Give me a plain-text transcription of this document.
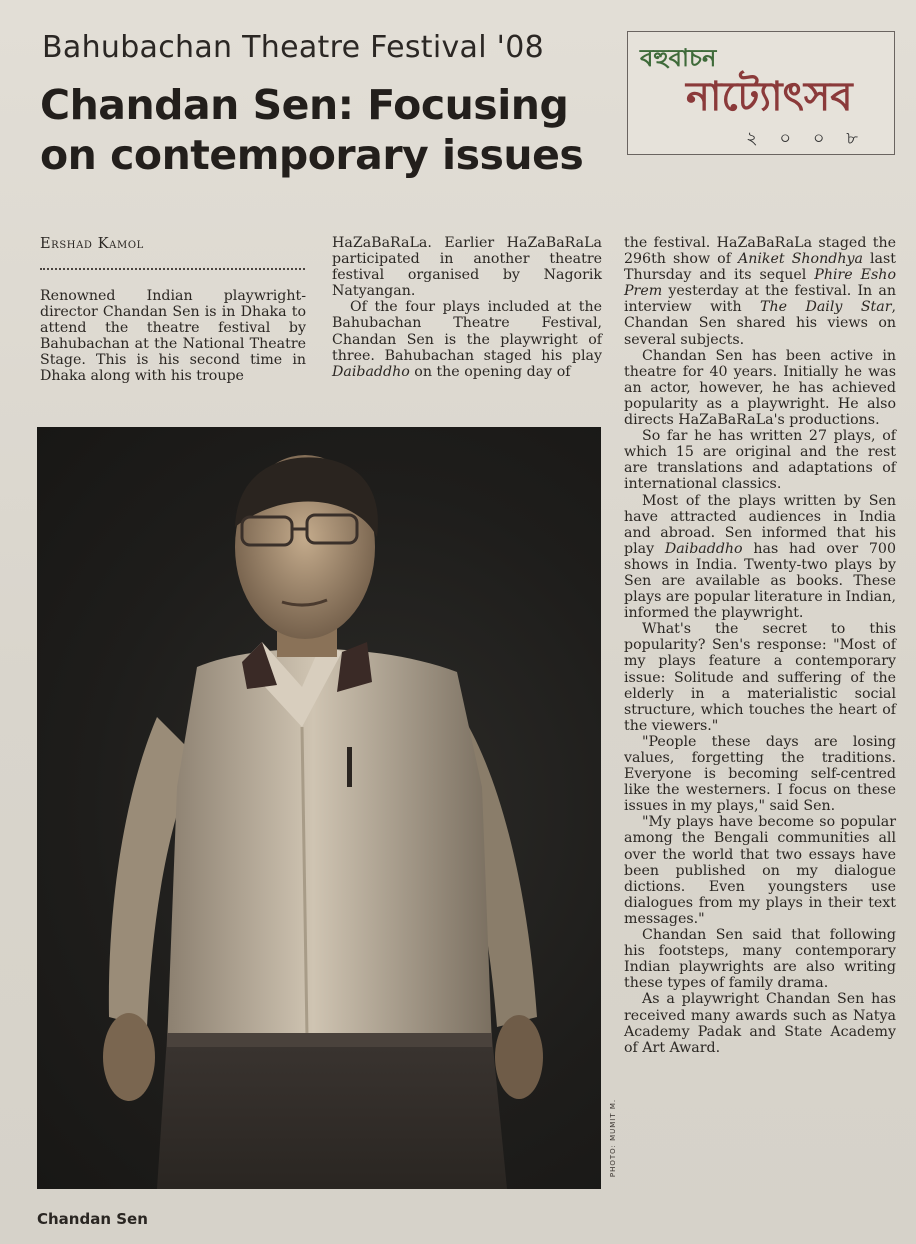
Bahubachan Theatre Festival '08
Chandan Sen: Focusing
on contemporary issues
বহুবাচন
নাট্যোৎসব
২ ০ ০ ৮
Ershad Kamol

Renowned Indian playwright-director Chandan Sen is in Dhaka to attend the theatre festival by Bahubachan at the National Theatre Stage. This is his second time in Dhaka along with his troupe

HaZaBaRaLa. Earlier HaZaBaRaLa participated in another theatre festival organised by Nagorik Natyangan.

Of the four plays included at the Bahubachan Theatre Festival, Chandan Sen is the playwright of three. Bahubachan staged his play Daibaddho on the opening day of

the festival. HaZaBaRaLa staged the 296th show of Aniket Shondhya last Thursday and its sequel Phire Esho Prem yesterday at the festival. In an interview with The Daily Star, Chandan Sen shared his views on several subjects.

Chandan Sen has been active in theatre for 40 years. Initially he was an actor, however, he has achieved popularity as a playwright. He also directs HaZaBaRaLa's productions.

So far he has written 27 plays, of which 15 are original and the rest are translations and adaptations of international classics.

Most of the plays written by Sen have attracted audiences in India and abroad. Sen informed that his play Daibaddho has had over 700 shows in India. Twenty-two plays by Sen are available as books. These plays are popular literature in Indian, informed the playwright.

What's the secret to this popularity? Sen's response: "Most of my plays feature a contemporary issue: Solitude and suffering of the elderly in a materialistic social structure, which touches the heart of the viewers."

"People these days are losing values, forgetting the traditions. Everyone is becoming self-centred like the westerners. I focus on these issues in my plays," said Sen.

"My plays have become so popular among the Bengali communities all over the world that two essays have been published on my dialogue dictions. Even youngsters use dialogues from my plays in their text messages."

Chandan Sen said that following his footsteps, many contemporary Indian playwrights are also writing these types of family drama.

As a playwright Chandan Sen has received many awards such as Natya Academy Padak and State Academy of Art Award.

PHOTO: MUMIT M.
Chandan Sen
